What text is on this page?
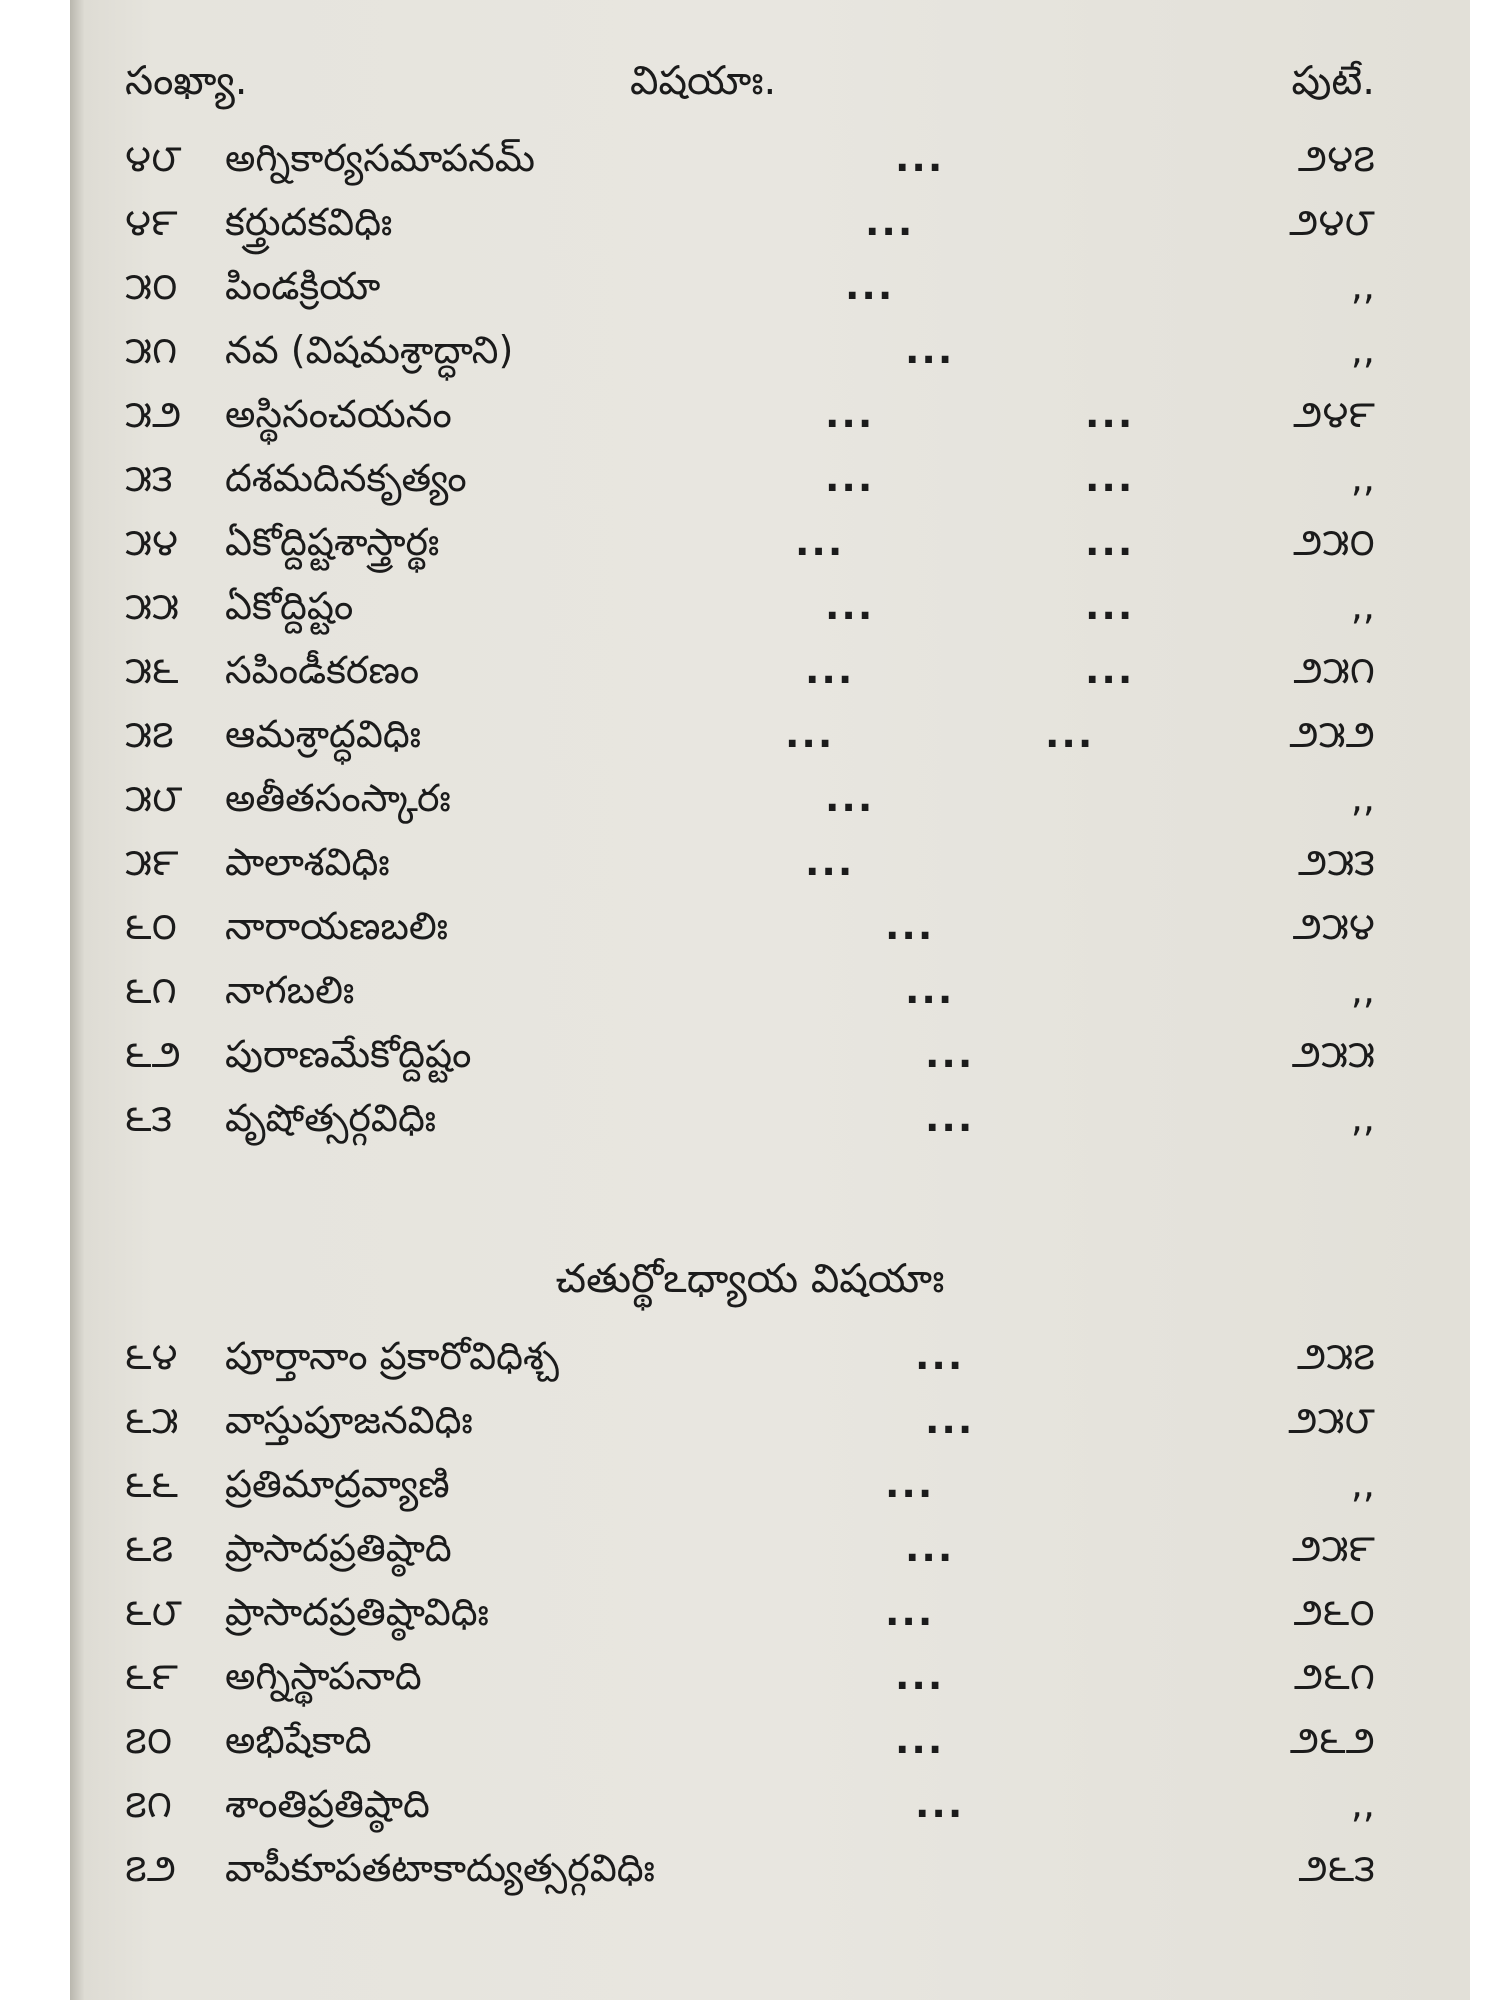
సంఖ్యా.	విషయాః.	పుటే.
౪౮	అగ్నికార్యసమాపనమ్	...	౨౪౭
౪౯	కర్త్రుదకవిధిః	...	౨౪౮
౫౦	పిండక్రియా	...	,,
౫౧	నవ (విషమశ్రాద్ధాని)	...	,,
౫౨	అస్థిసంచయనం	...	...	౨౪౯
౫౩	దశమదినకృత్యం	...	...	,,
౫౪	ఏకోద్దిష్టశాస్త్రార్థః	...	...	౨౫౦
౫౫	ఏకోద్దిష్టం	...	...	,,
౫౬	సపిండీకరణం	...	...	౨౫౧
౫౭	ఆమశ్రాద్ధవిధిః	...	...	౨౫౨
౫౮	అతీతసంస్కారః	...	,,
౫౯	పాలాశవిధిః	...	౨౫౩
౬౦	నారాయణబలిః	...	౨౫౪
౬౧	నాగబలిః	...	,,
౬౨	పురాణమేకోద్దిష్టం	...	౨౫౫
౬౩	వృషోత్సర్గవిధిః	...	,,
చతుర్థోఽధ్యాయ విషయాః
౬౪	పూర్తానాం ప్రకారోవిధిశ్చ	...	౨౫౭
౬౫	వాస్తుపూజనవిధిః	...	౨౫౮
౬౬	ప్రతిమాద్రవ్యాణి	...	,,
౬౭	ప్రాసాదప్రతిష్ఠాది	...	౨౫౯
౬౮	ప్రాసాదప్రతిష్ఠావిధిః	...	౨౬౦
౬౯	అగ్నిస్థాపనాది	...	౨౬౧
౭౦	అభిషేకాది	...	౨౬౨
౭౧	శాంతిప్రతిష్ఠాది	...	,,
౭౨	వాపీకూపతటాకాద్యుత్సర్గవిధిః	౨౬౩
